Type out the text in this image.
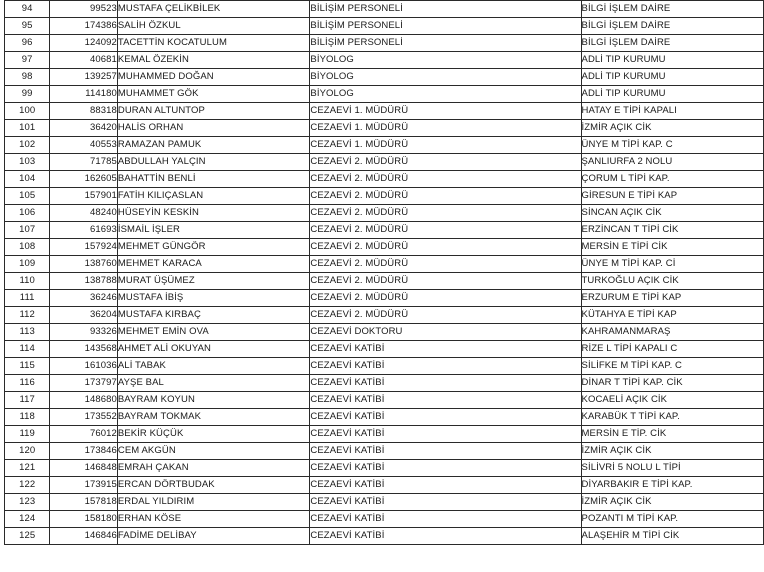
94	99523	MUSTAFA ÇELİKBİLEK	BİLİŞİM PERSONELİ	BİLGİ İŞLEM DAİRE
95	174386	SALİH ÖZKUL	BİLİŞİM PERSONELİ	BİLGİ İŞLEM DAİRE
96	124092	TACETTİN KOCATULUM	BİLİŞİM PERSONELİ	BİLGİ İŞLEM DAİRE
97	40681	KEMAL ÖZEKİN	BİYOLOG	ADLİ TIP KURUMU
98	139257	MUHAMMED DOĞAN	BİYOLOG	ADLİ TIP KURUMU
99	114180	MUHAMMET GÖK	BİYOLOG	ADLİ TIP KURUMU
100	88318	DURAN ALTUNTOP	CEZAEVİ 1. MÜDÜRÜ	HATAY E TİPİ KAPALI
101	36420	HALİS ORHAN	CEZAEVİ 1. MÜDÜRÜ	İZMİR AÇIK CİK
102	40553	RAMAZAN PAMUK	CEZAEVİ 1. MÜDÜRÜ	ÜNYE M TİPİ KAP. C
103	71785	ABDULLAH YALÇIN	CEZAEVİ 2. MÜDÜRÜ	ŞANLIURFA 2 NOLU
104	162605	BAHATTİN BENLİ	CEZAEVİ 2. MÜDÜRÜ	ÇORUM L TİPİ KAP.
105	157901	FATİH KILIÇASLAN	CEZAEVİ 2. MÜDÜRÜ	GİRESUN E TİPİ KAP
106	48240	HÜSEYİN KESKİN	CEZAEVİ 2. MÜDÜRÜ	SİNCAN AÇIK CİK
107	61693	İSMAİL İŞLER	CEZAEVİ 2. MÜDÜRÜ	ERZİNCAN T TİPİ CİK
108	157924	MEHMET GÜNGÖR	CEZAEVİ 2. MÜDÜRÜ	MERSİN E TİPİ CİK
109	138760	MEHMET KARACA	CEZAEVİ 2. MÜDÜRÜ	ÜNYE M TİPİ KAP. Cİ
110	138788	MURAT ÜŞÜMEZ	CEZAEVİ 2. MÜDÜRÜ	TURKOĞLU AÇIK CİK
111	36246	MUSTAFA İBİŞ	CEZAEVİ 2. MÜDÜRÜ	ERZURUM E TİPİ KAP
112	36204	MUSTAFA KIRBAÇ	CEZAEVİ 2. MÜDÜRÜ	KÜTAHYA E TİPİ KAP
113	93326	MEHMET EMİN OVA	CEZAEVİ DOKTORU	KAHRAMANMARAŞ
114	143568	AHMET ALİ OKUYAN	CEZAEVİ KATİBİ	RİZE L TİPİ KAPALI C
115	161036	ALİ TABAK	CEZAEVİ KATİBİ	SİLİFKE M TİPİ KAP. C
116	173797	AYŞE BAL	CEZAEVİ KATİBİ	DİNAR T TİPİ KAP. CİK
117	148680	BAYRAM KOYUN	CEZAEVİ KATİBİ	KOCAELİ AÇIK CİK
118	173552	BAYRAM TOKMAK	CEZAEVİ KATİBİ	KARABÜK T TİPİ KAP.
119	76012	BEKİR KÜÇÜK	CEZAEVİ KATİBİ	MERSİN E TİP. CİK
120	173846	CEM AKGÜN	CEZAEVİ KATİBİ	İZMİR AÇIK CİK
121	146848	EMRAH ÇAKAN	CEZAEVİ KATİBİ	SİLİVRİ 5 NOLU L TİPİ
122	173915	ERCAN DÖRTBUDAK	CEZAEVİ KATİBİ	DİYARBAKIR E TİPİ KAP.
123	157818	ERDAL YILDIRIM	CEZAEVİ KATİBİ	İZMİR AÇIK CİK
124	158180	ERHAN KÖSE	CEZAEVİ KATİBİ	POZANTI M TİPİ KAP.
125	146846	FADİME DELİBAY	CEZAEVİ KATİBİ	ALAŞEHİR M TİPİ CİK
